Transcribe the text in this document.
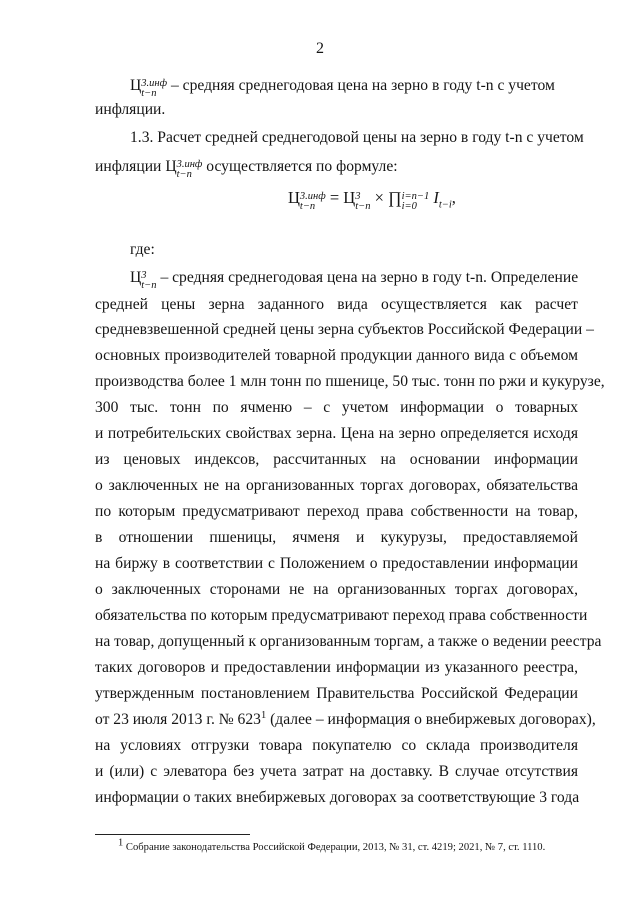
2
Ц 3.инф
t−n – средняя среднегодовая цена на зерно в году t-n с учетом
инфляции.
1.3. Расчет средней среднегодовой цены на зерно в году t-n с учетом
инфляции Ц 3.инф
t−n осуществляется по формуле:
Ц 3.инф
t−n = Ц 3
t−n × ∏ i=n−1
i=0 $I_{t-i}$,
где:
Ц 3
t−n – средняя среднегодовая цена на зерно в году t-n. Определение
средней цены зерна заданного вида осуществляется как расчет
средневзвешенной средней цены зерна субъектов Российской Федерации –
основных производителей товарной продукции данного вида с объемом
производства более 1 млн тонн по пшенице, 50 тыс. тонн по ржи и кукурузе,
300 тыс. тонн по ячменю – с учетом информации о товарных
и потребительских свойствах зерна. Цена на зерно определяется исходя
из ценовых индексов, рассчитанных на основании информации
о заключенных не на организованных торгах договорах, обязательства
по которым предусматривают переход права собственности на товар,
в отношении пшеницы, ячменя и кукурузы, предоставляемой
на биржу в соответствии с Положением о предоставлении информации
о заключенных сторонами не на организованных торгах договорах,
обязательства по которым предусматривают переход права собственности
на товар, допущенный к организованным торгам, а также о ведении реестра
таких договоров и предоставлении информации из указанного реестра,
утвержденным постановлением Правительства Российской Федерации
от 23 июля 2013 г. № $623^1$ (далее – информация о внебиржевых договорах),
на условиях отгрузки товара покупателю со склада производителя
и (или) с элеватора без учета затрат на доставку. В случае отсутствия
информации о таких внебиржевых договорах за соответствующие 3 года
$^1$ Собрание законодательства Российской Федерации, 2013, № 31, ст. 4219; 2021, № 7, ст. 1110.
